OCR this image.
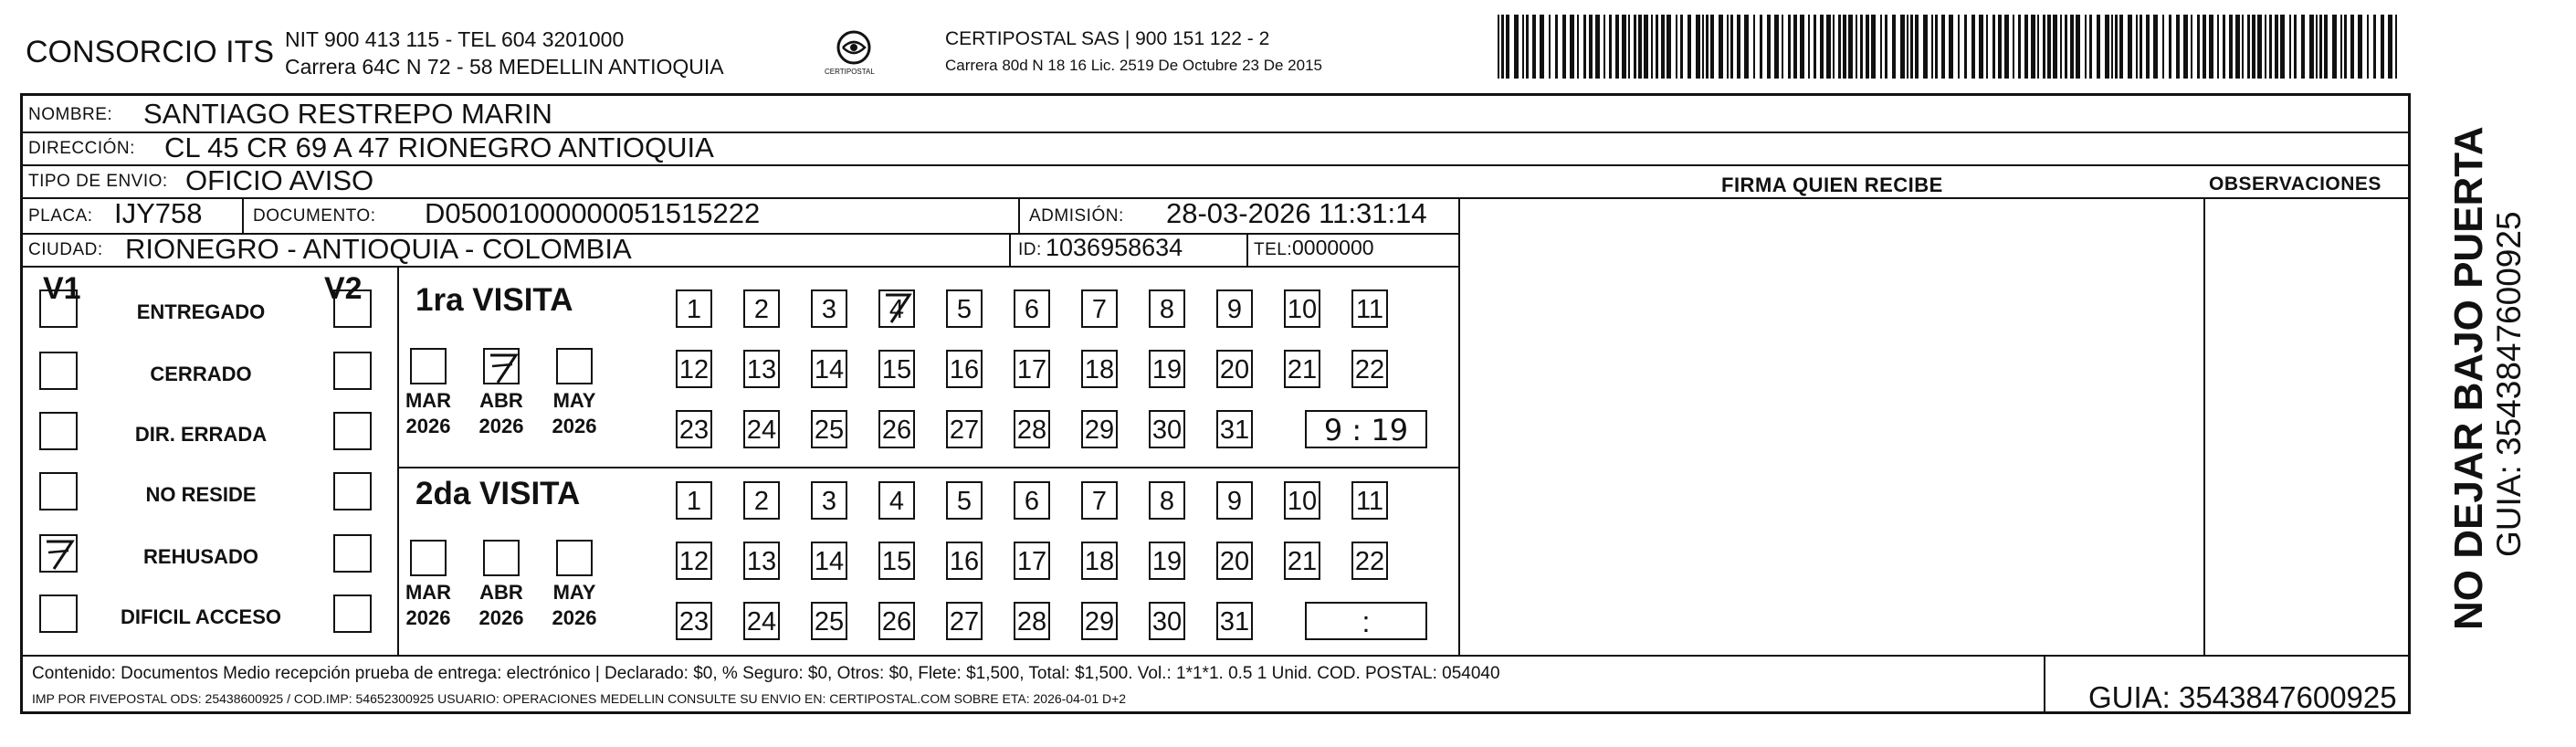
CONSORCIO ITS NIT 900 413 115 - TEL 604 3201000
Carrera 64C N 72 - 58 MEDELLIN ANTIOQUIA	CERTIPOSTAL
CERTIPOSTAL SAS | 900 151 122 - 2
Carrera 80d N 18 16 Lic. 2519 De Octubre 23 De 2015
NOMBRE: SANTIAGO RESTREPO MARIN
DIRECCIÓN: CL 45 CR 69 A 47 RIONEGRO ANTIOQUIA
TIPO DE ENVIO: OFICIO AVISO
PLACA: IJY758	DOCUMENTO: D05001000000051515222	ADMISIÓN: 28-03-2026 11:31:14
CIUDAD: RIONEGRO - ANTIOQUIA - COLOMBIA	ID: 1036958634	TEL: 0000000
FIRMA QUIEN RECIBE	OBSERVACIONES
V1	V2
ENTREGADO
CERRADO
DIR. ERRADA
NO RESIDE
REHUSADO
DIFICIL ACCESO
1ra VISITA
MAR
2026
ABR
2026
MAY
2026
1	2	3	4	5	6	7	8	9	10 11
12 13 14 15 16 17 18 19 20 21 22
23 24 25 26 27 28 29 30 31	9 : 19
2da VISITA
MAR
2026
ABR
2026
MAY
2026
1	2	3	4	5	6	7	8	9	10 11
12 13 14 15 16 17 18 19 20 21 22
23 24 25 26 27 28 29 30 31	:
Contenido: Documentos Medio recepción prueba de entrega: electrónico | Declarado: $0, % Seguro: $0, Otros: $0, Flete: $1,500, Total: $1,500. Vol.: 1*1*1. 0.5 1 Unid. COD. POSTAL: 054040
IMP POR FIVEPOSTAL ODS: 25438600925 / COD.IMP: 54652300925 USUARIO: OPERACIONES MEDELLIN CONSULTE SU ENVIO EN: CERTIPOSTAL.COM SOBRE ETA: 2026-04-01 D+2	GUIA: 3543847600925
NO DEJAR BAJO PUERTA GUIA: 3543847600925
